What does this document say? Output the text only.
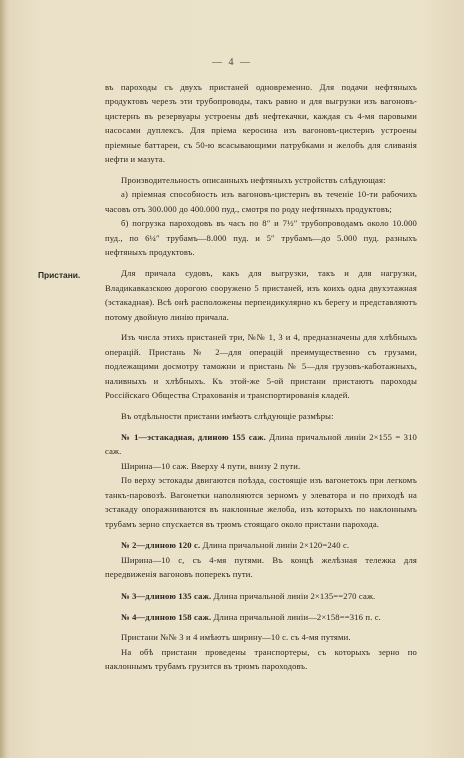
— 4 —
Пристани.

въ пароходы съ двухъ пристаней одновременно. Для подачи нефтяныхъ продуктовъ черезъ эти трубопроводы, такъ равно и для выгрузки изъ вагоновъ-цистернъ въ резервуары устроены двѣ нефтекачки, каждая съ 4-мя паровыми насосами дуплексъ. Для пріема керосина изъ вагоновъ-цистернъ устроены пріемные баттареи, съ 50-ю всасывающими патрубками и желобъ для сливанія нефти и мазута.

Производительность описанныхъ нефтяныхъ устройствъ слѣдующая:

а) пріемная способность изъ вагоновъ-цистернъ въ теченіе 10-ти рабочихъ часовъ отъ 300.000 до 400.000 пуд., смотря по роду нефтяныхъ продуктовъ;

б) погрузка пароходовъ въ часъ по 8″ и 7½″ трубопроводамъ около 10.000 пуд., по 6¼″ трубамъ—8.000 пуд. и 5″ трубамъ—до 5.000 пуд. разныхъ нефтяныхъ продуктовъ.

Для причала судовъ, какъ для выгрузки, такъ и для нагрузки, Владикавказскою дорогою сооружено 5 пристаней, изъ коихъ одна двухэтажная (эстакадная). Всѣ онѣ расположены перпендикулярно къ берегу и представляютъ потому двойную линію причала.

Изъ числа этихъ пристаней три, №№ 1, 3 и 4, предназначены для хлѣбныхъ операцій. Пристань № 2—для операцій преимущественно съ грузами, подлежащими досмотру таможни и пристань № 5—для грузовъ-каботажныхъ, наливныхъ и хлѣбныхъ. Къ этой-же 5-ой пристани пристаютъ пароходы Россійскаго Общества Страхованія и транспортированія кладей.

Въ отдѣльности пристани имѣютъ слѣдующіе размѣры:

№ 1—эстакадная, длиною 155 саж. Длина причальной линіи 2×155 = 310 саж.

Ширина—10 саж. Вверху 4 пути, внизу 2 пути.

По верху эстокады двигаются поѣзда, состоящіе изъ вагонетокъ при легкомъ танкъ-паровозѣ. Вагонетки наполняются зерномъ у элеватора и по приходѣ на эстакаду опоражниваются въ наклонные желоба, изъ которыхъ по наклоннымъ трубамъ зерно спускается въ трюмъ стоящаго около пристани парохода.

№ 2—длиною 120 с. Длина причальной линіи 2×120=240 с.

Ширина—10 с, съ 4-мя путями. Въ концѣ желѣзная тележка для передвиженія вагоновъ поперекъ пути.

№ 3—длиною 135 саж. Длина причальной линіи 2×135==270 саж.

№ 4—длиною 158 саж. Длина причальной линіи—2×158==316 п. с.

Пристани №№ 3 и 4 имѣютъ ширину—10 с. съ 4-мя путями.

На обѣ пристани проведены транспортеры, съ которыхъ зерно по наклоннымъ трубамъ грузится въ трюмъ пароходовъ.
